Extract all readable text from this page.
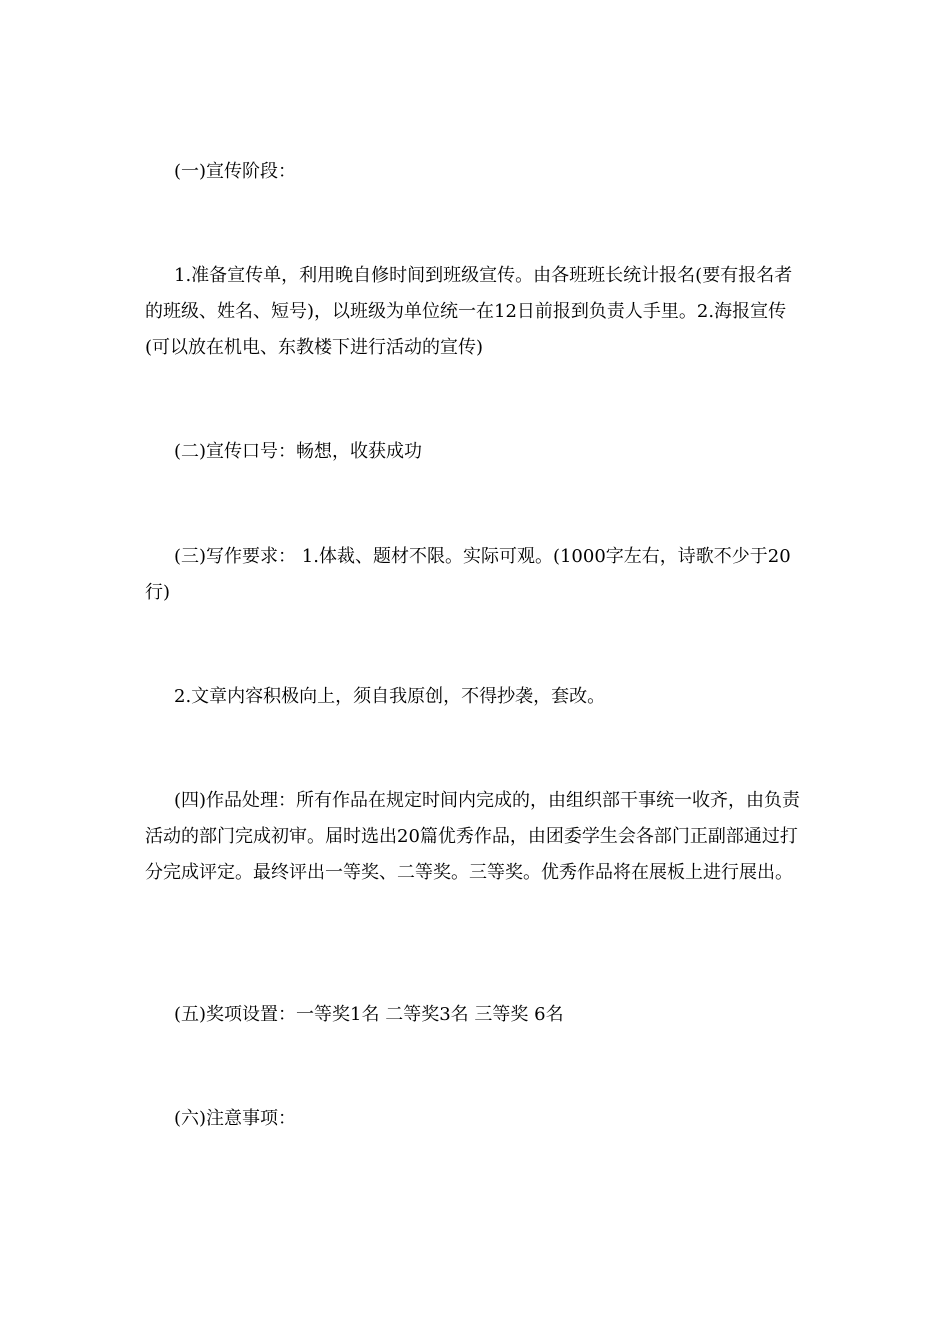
(一)宣传阶段：

1.准备宣传单，利用晚自修时间到班级宣传。由各班班长统计报名(要有报名者的班级、姓名、短号)，以班级为单位统一在12日前报到负责人手里。2.海报宣传(可以放在机电、东教楼下进行活动的宣传)

(二)宣传口号：畅想，收获成功

(三)写作要求： 1.体裁、题材不限。实际可观。(1000字左右，诗歌不少于20行)

2.文章内容积极向上，须自我原创，不得抄袭，套改。

(四)作品处理：所有作品在规定时间内完成的，由组织部干事统一收齐，由负责活动的部门完成初审。届时选出20篇优秀作品，由团委学生会各部门正副部通过打分完成评定。最终评出一等奖、二等奖。三等奖。优秀作品将在展板上进行展出。

(五)奖项设置：一等奖1名 二等奖3名 三等奖 6名

(六)注意事项：
